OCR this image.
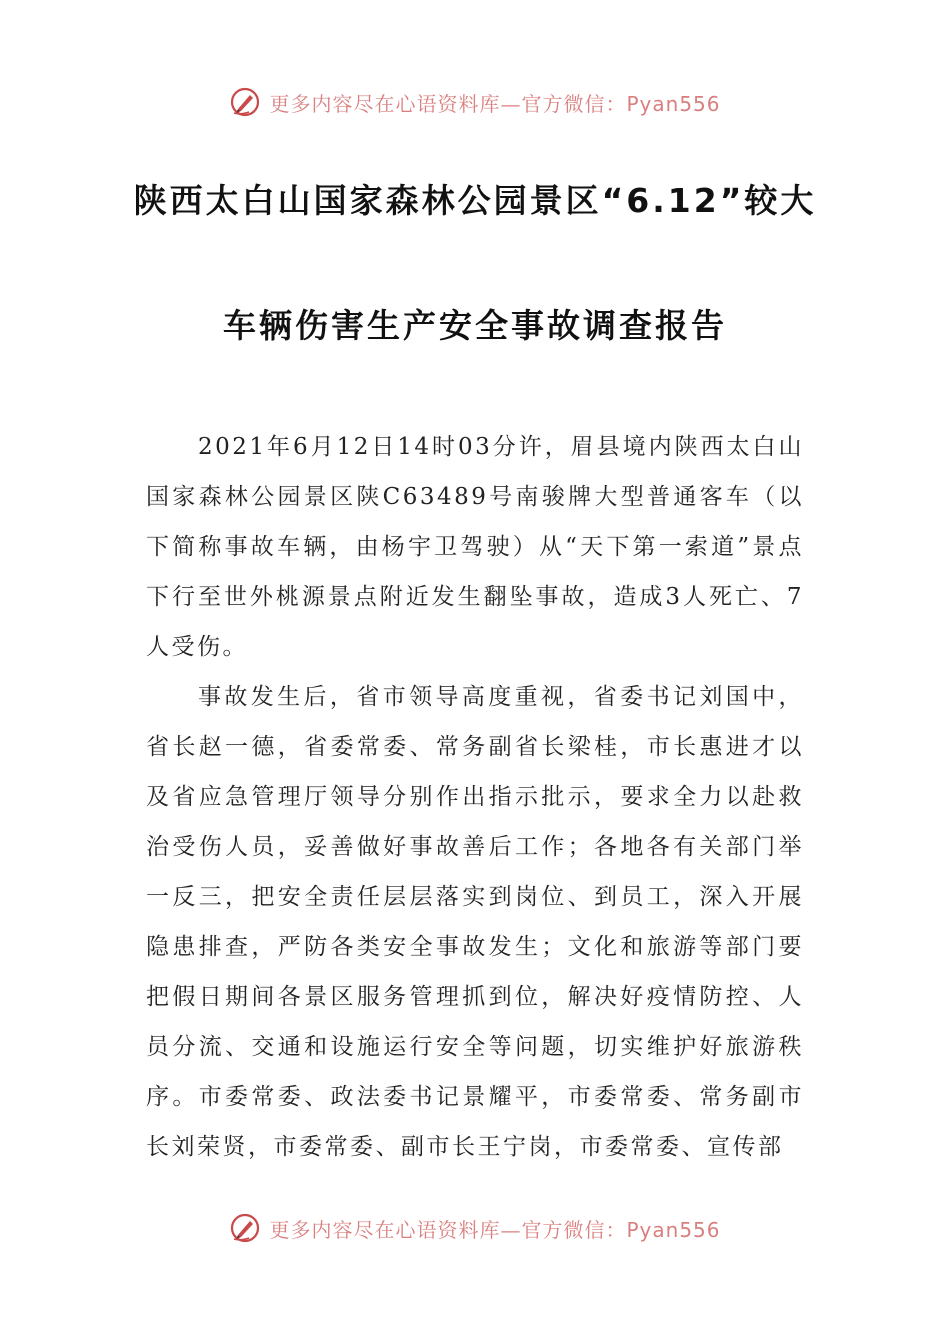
更多内容尽在心语资料库—官方微信：Pyan556
陕西太白山国家森林公园景区“6.12”较大
车辆伤害生产安全事故调查报告

2021年6月12日14时03分许，眉县境内陕西太白山国家森林公园景区陕C63489号南骏牌大型普通客车（以下简称事故车辆，由杨宇卫驾驶）从“天下第一索道”景点下行至世外桃源景点附近发生翻坠事故，造成3人死亡、7人受伤。

事故发生后，省市领导高度重视，省委书记刘国中，省长赵一德，省委常委、常务副省长梁桂，市长惠进才以及省应急管理厅领导分别作出指示批示，要求全力以赴救治受伤人员，妥善做好事故善后工作；各地各有关部门举一反三，把安全责任层层落实到岗位、到员工，深入开展隐患排查，严防各类安全事故发生；文化和旅游等部门要把假日期间各景区服务管理抓到位，解决好疫情防控、人员分流、交通和设施运行安全等问题，切实维护好旅游秩序。市委常委、政法委书记景耀平，市委常委、常务副市长刘荣贤，市委常委、副市长王宁岗，市委常委、宣传部

更多内容尽在心语资料库—官方微信：Pyan556
